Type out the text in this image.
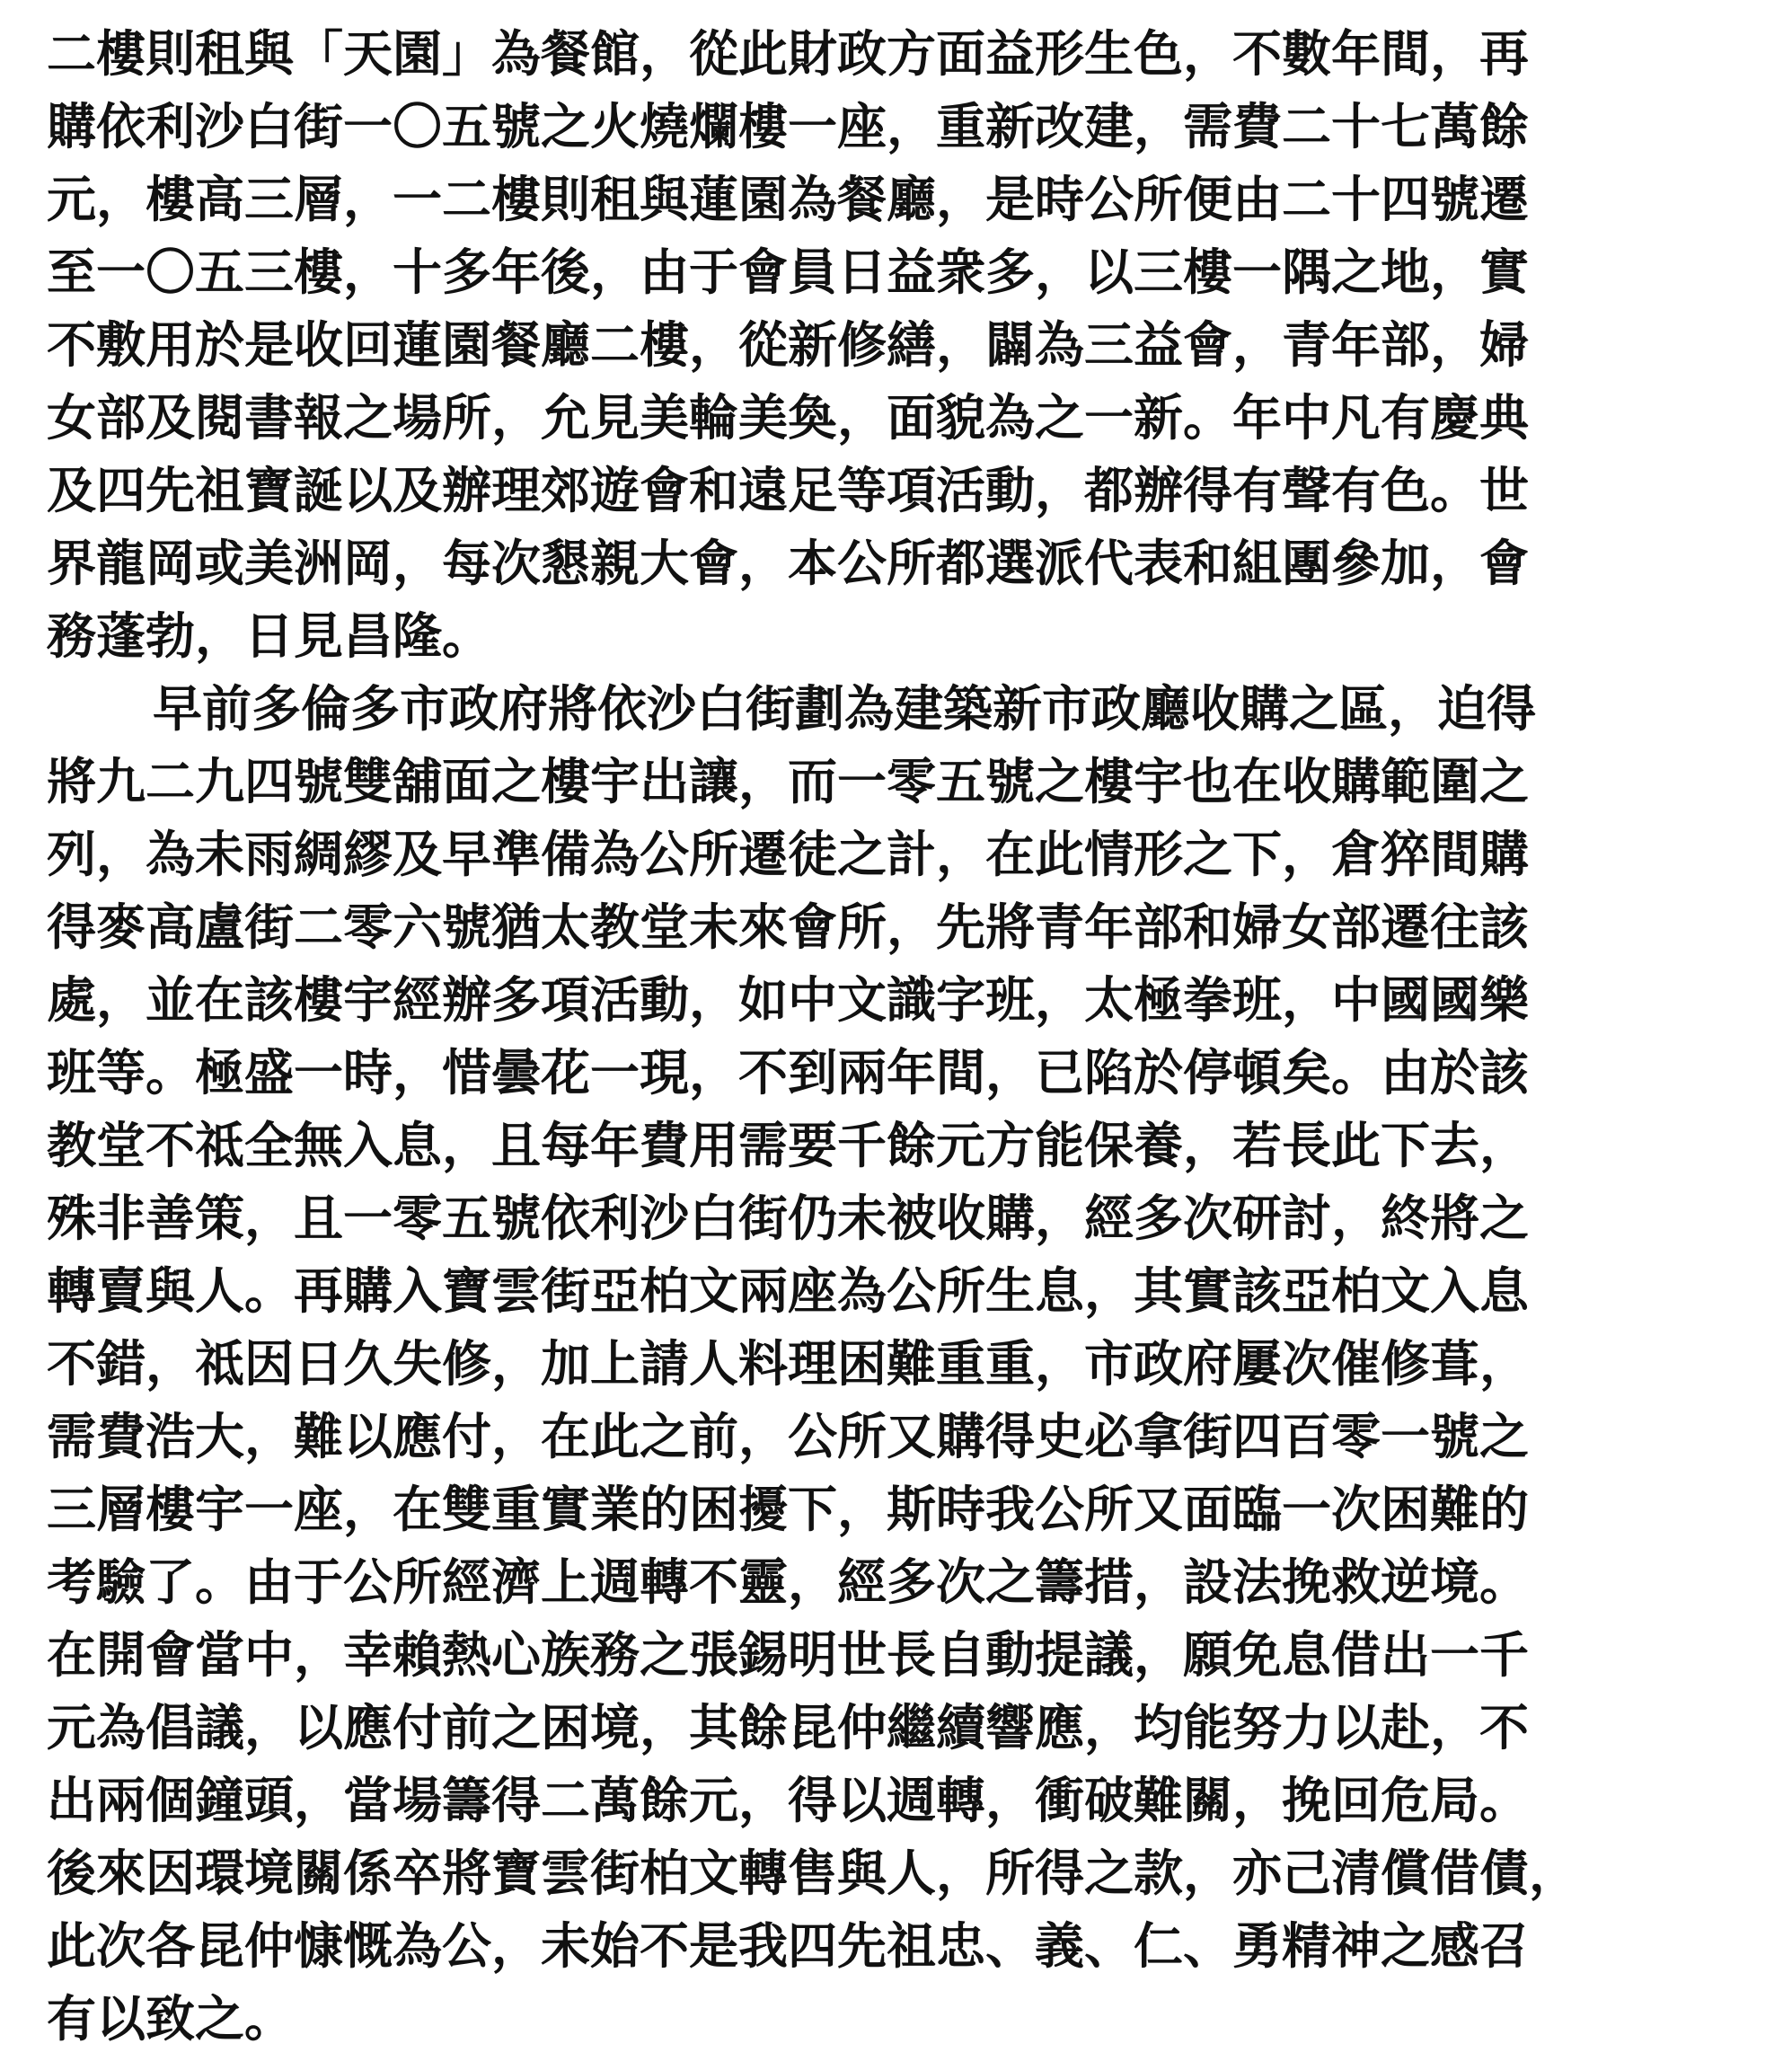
二樓則租與「天園」為餐館，從此財政方面益形生色，不數年間，再
購依利沙白街一〇五號之火燒爛樓一座，重新改建，需費二十七萬餘
元，樓高三層，一二樓則租與蓮園為餐廳，是時公所便由二十四號遷
至一〇五三樓，十多年後，由于會員日益衆多，以三樓一隅之地，實
不敷用於是收回蓮園餐廳二樓，從新修繕，闢為三益會，青年部，婦
女部及閱書報之場所，允見美輪美奐，面貌為之一新。年中凡有慶典
及四先祖寶誕以及辦理郊遊會和遠足等項活動，都辦得有聲有色。世
界龍岡或美洲岡，每次懇親大會，本公所都選派代表和組團參加，會
務蓬勃，日見昌隆。
早前多倫多市政府將依沙白街劃為建築新市政廳收購之區，迫得
將九二九四號雙舖面之樓宇出讓，而一零五號之樓宇也在收購範圍之
列，為未雨綢繆及早準備為公所遷徒之計，在此情形之下，倉猝間購
得麥高盧街二零六號猶太教堂未來會所，先將青年部和婦女部遷往該
處，並在該樓宇經辦多項活動，如中文識字班，太極拳班，中國國樂
班等。極盛一時，惜曇花一現，不到兩年間，已陷於停頓矣。由於該
教堂不祗全無入息，且每年費用需要千餘元方能保養，若長此下去，
殊非善策，且一零五號依利沙白街仍未被收購，經多次研討，終將之
轉賣與人。再購入寶雲街亞柏文兩座為公所生息，其實該亞柏文入息
不錯，祗因日久失修，加上請人料理困難重重，市政府屢次催修葺，
需費浩大，難以應付，在此之前，公所又購得史必拿街四百零一號之
三層樓宇一座，在雙重實業的困擾下，斯時我公所又面臨一次困難的
考驗了。由于公所經濟上週轉不靈，經多次之籌措，設法挽救逆境。
在開會當中，幸賴熱心族務之張錫明世長自動提議，願免息借出一千
元為倡議，以應付前之困境，其餘昆仲繼續響應，均能努力以赴，不
出兩個鐘頭，當場籌得二萬餘元，得以週轉，衝破難關，挽回危局。
後來因環境關係卒將寶雲街柏文轉售與人，所得之款，亦己清償借債，
此次各昆仲慷慨為公，未始不是我四先祖忠、義、仁、勇精神之感召
有以致之。
